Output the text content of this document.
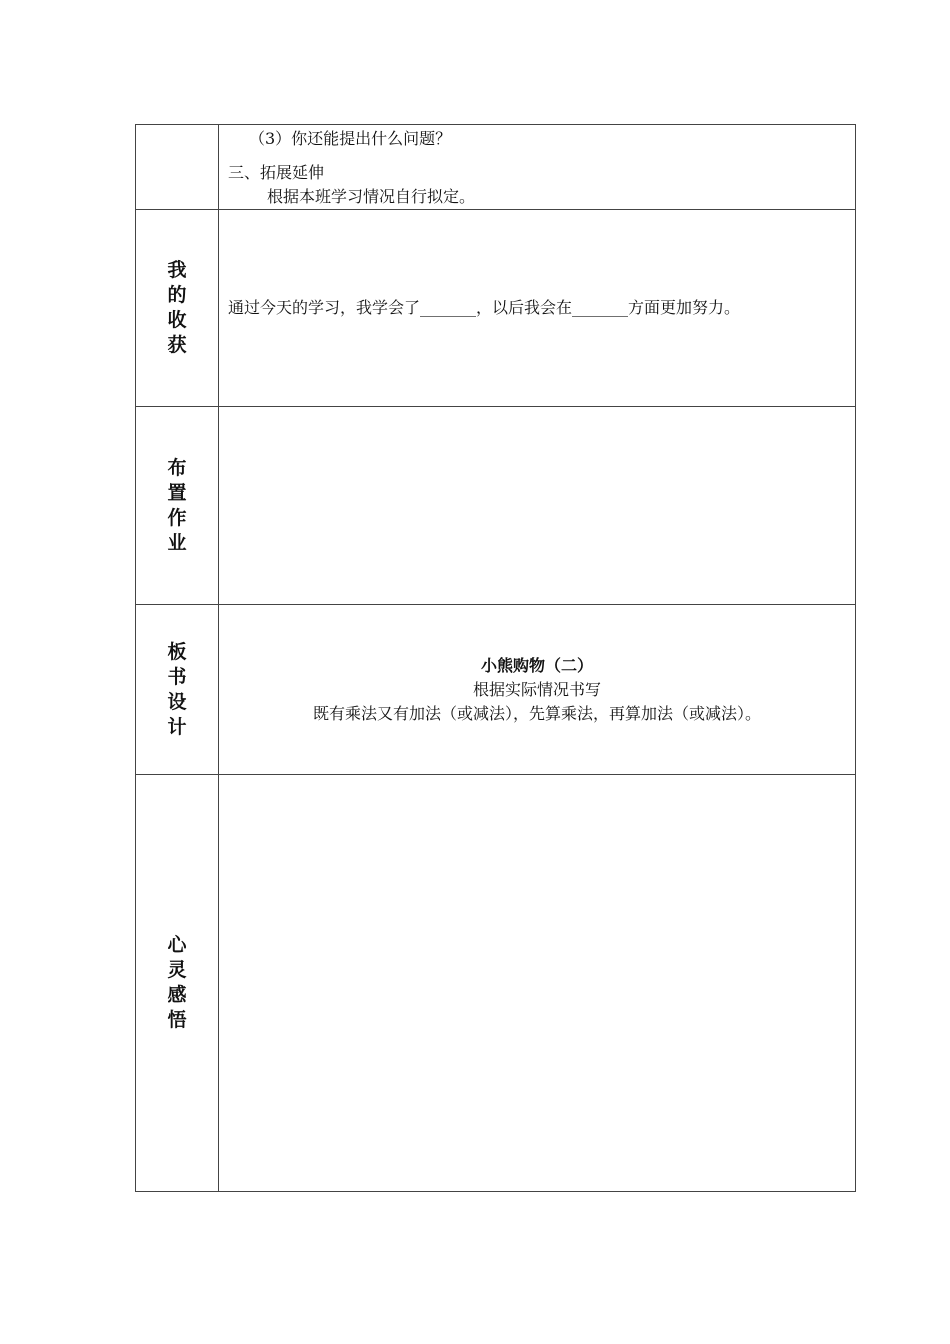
	（3）你还能提出什么问题？
三、拓展延伸
根据本班学习情况自行拟定。

我的收获	通过今天的学习，我学会了_______，以后我会在_______方面更加努力。

布置作业	
板书设计	小熊购物（二）
根据实际情况书写
既有乘法又有加法（或减法），先算乘法，再算加法（或减法）。

心灵感悟	
